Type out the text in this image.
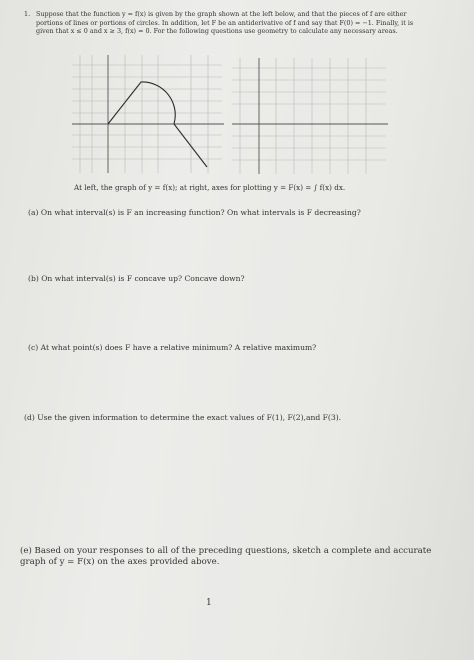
1. Suppose that the function y = f(x) is given by the graph shown at the left below, and that the pieces of f are either portions of lines or portions of circles. In addition, let F be an antiderivative of f and say that F(0) = −1. Finally, it is given that x ≤ 0 and x ≥ 3, f(x) = 0. For the following questions use geometry to calculate any necessary areas.
At left, the graph of y = f(x); at right, axes for plotting y = F(x) = ∫ f(x) dx.
(a) On what interval(s) is F an increasing function? On what intervals is F decreasing?
(b) On what interval(s) is F concave up? Concave down?
(c) At what point(s) does F have a relative minimum? A relative maximum?
(d) Use the given information to determine the exact values of F(1), F(2),and F(3).
(e) Based on your responses to all of the preceding questions, sketch a complete and accurate graph of y = F(x) on the axes provided above.
1
